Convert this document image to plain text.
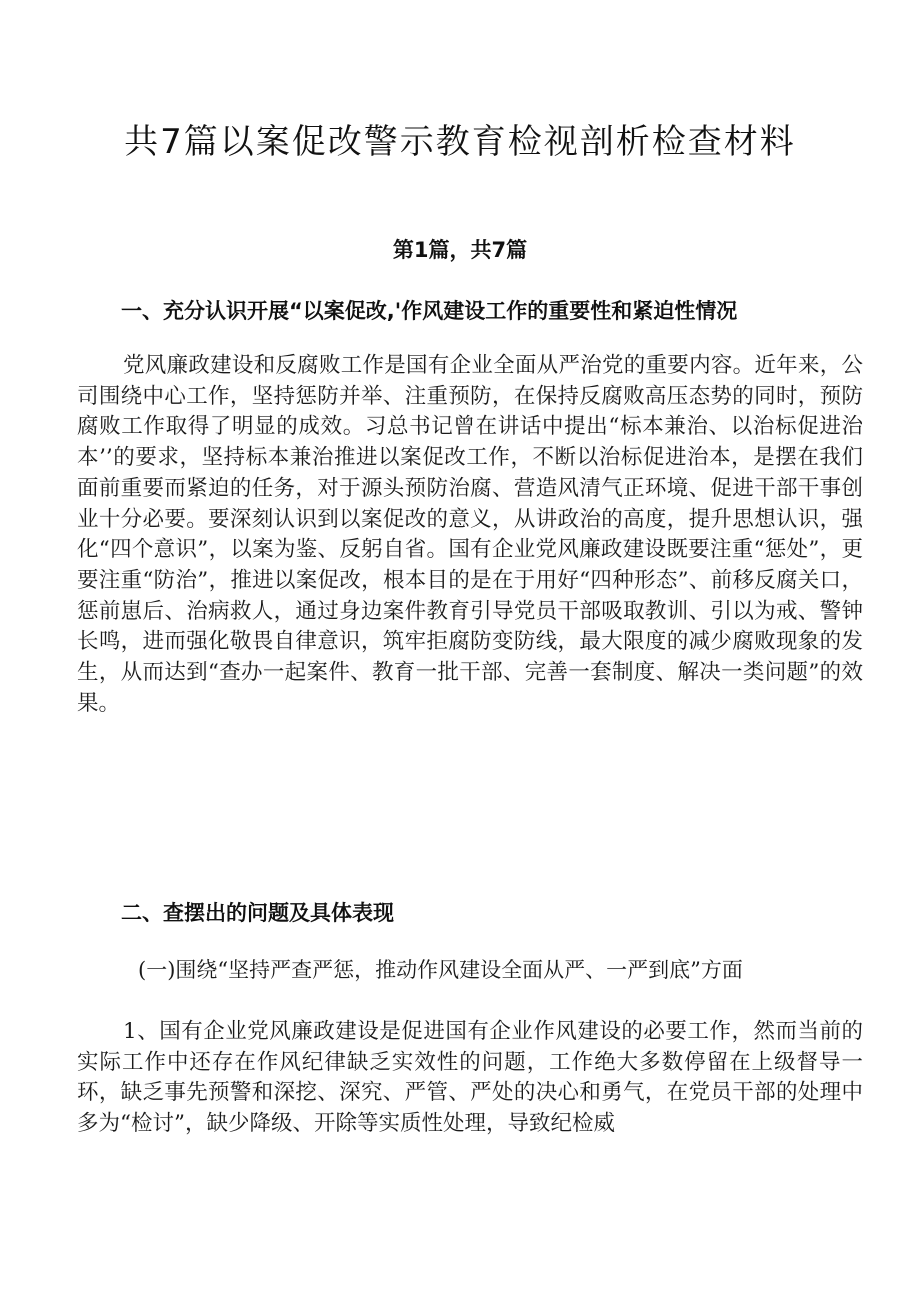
共7篇以案促改警示教育检视剖析检查材料
第1篇，共7篇
一、充分认识开展“以案促改,'作风建设工作的重要性和紧迫性情况
党风廉政建设和反腐败工作是国有企业全面从严治党的重要内容。近年来，公司围绕中心工作，坚持惩防并举、注重预防，在保持反腐败高压态势的同时，预防腐败工作取得了明显的成效。习总书记曾在讲话中提出“标本兼治、以治标促进治本’’的要求，坚持标本兼治推进以案促改工作，不断以治标促进治本，是摆在我们面前重要而紧迫的任务，对于源头预防治腐、营造风清气正环境、促进干部干事创业十分必要。要深刻认识到以案促改的意义，从讲政治的高度，提升思想认识，强化“四个意识”，以案为鉴、反躬自省。国有企业党风廉政建设既要注重“惩处”，更要注重“防治”，推进以案促改，根本目的是在于用好“四种形态”、前移反腐关口，惩前崽后、治病救人，通过身边案件教育引导党员干部吸取教训、引以为戒、警钟长鸣，进而强化敬畏自律意识，筑牢拒腐防变防线，最大限度的减少腐败现象的发生，从而达到“查办一起案件、教育一批干部、完善一套制度、解决一类问题”的效果。
二、查摆出的问题及具体表现
(一)围绕“坚持严查严惩，推动作风建设全面从严、一严到底”方面
1、国有企业党风廉政建设是促进国有企业作风建设的必要工作，然而当前的实际工作中还存在作风纪律缺乏实效性的问题，工作绝大多数停留在上级督导一环，缺乏事先预警和深挖、深究、严管、严处的决心和勇气，在党员干部的处理中多为“检讨”，缺少降级、开除等实质性处理，导致纪检威
